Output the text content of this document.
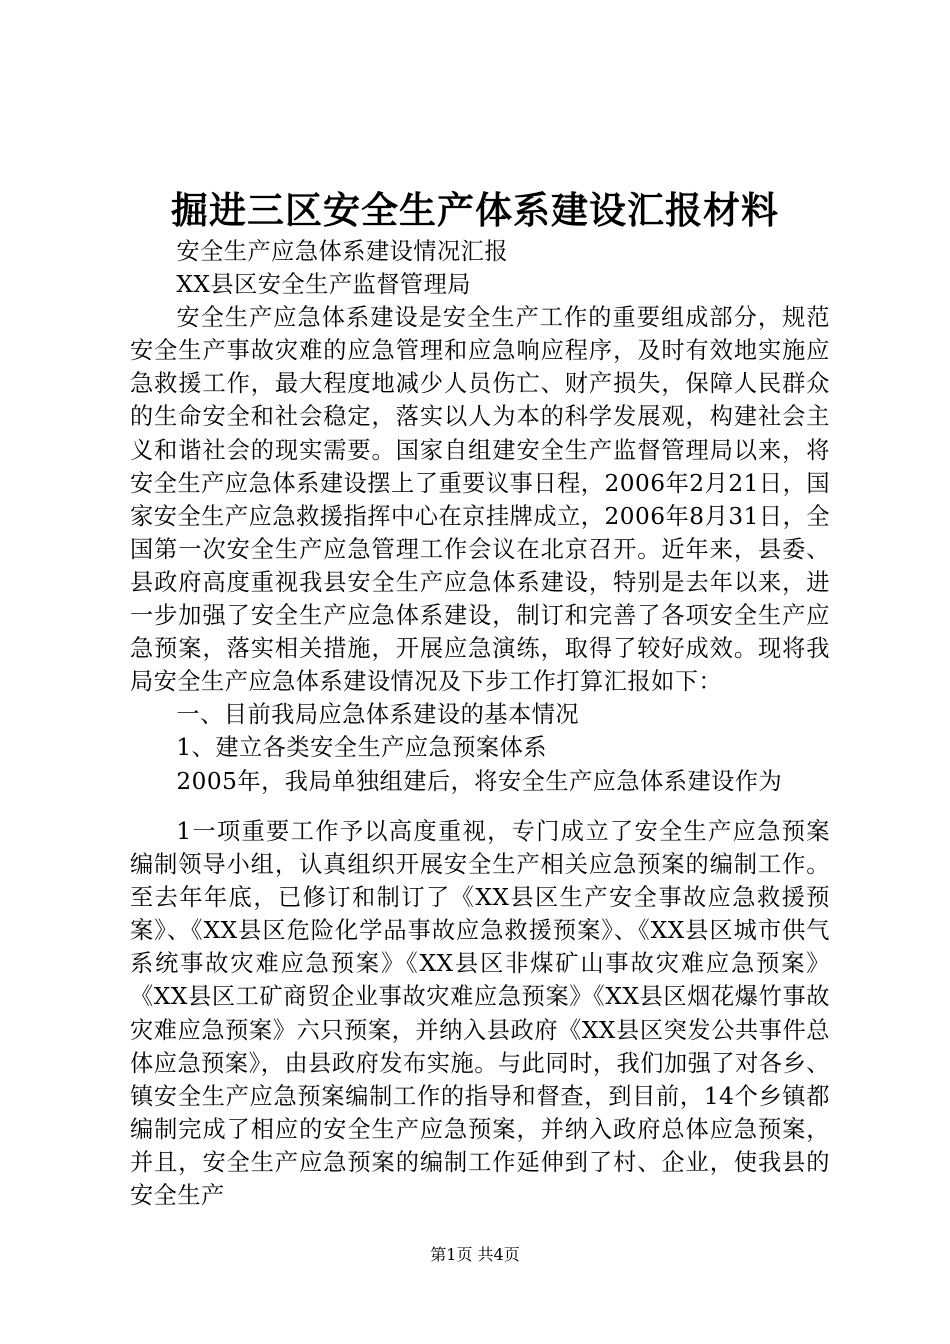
掘进三区安全生产体系建设汇报材料

安全生产应急体系建设情况汇报

XX县区安全生产监督管理局

安全生产应急体系建设是安全生产工作的重要组成部分，规范安全生产事故灾难的应急管理和应急响应程序，及时有效地实施应急救援工作，最大程度地减少人员伤亡、财产损失，保障人民群众的生命安全和社会稳定，落实以人为本的科学发展观，构建社会主义和谐社会的现实需要。国家自组建安全生产监督管理局以来，将安全生产应急体系建设摆上了重要议事日程，2006年2月21日，国家安全生产应急救援指挥中心在京挂牌成立，2006年8月31日，全国第一次安全生产应急管理工作会议在北京召开。近年来，县委、县政府高度重视我县安全生产应急体系建设，特别是去年以来，进一步加强了安全生产应急体系建设，制订和完善了各项安全生产应急预案，落实相关措施，开展应急演练，取得了较好成效。现将我局安全生产应急体系建设情况及下步工作打算汇报如下：

一、目前我局应急体系建设的基本情况

1、建立各类安全生产应急预案体系

2005年，我局单独组建后，将安全生产应急体系建设作为

1一项重要工作予以高度重视，专门成立了安全生产应急预案编制领导小组，认真组织开展安全生产相关应急预案的编制工作。至去年年底，已修订和制订了《XX县区生产安全事故应急救援预案》、《XX县区危险化学品事故应急救援预案》、《XX县区城市供气系统事故灾难应急预案》《XX县区非煤矿山事故灾难应急预案》《XX县区工矿商贸企业事故灾难应急预案》《XX县区烟花爆竹事故灾难应急预案》六只预案，并纳入县政府《XX县区突发公共事件总体应急预案》，由县政府发布实施。与此同时，我们加强了对各乡、镇安全生产应急预案编制工作的指导和督查，到目前，14个乡镇都编制完成了相应的安全生产应急预案，并纳入政府总体应急预案，并且，安全生产应急预案的编制工作延伸到了村、企业，使我县的安全生产

第1页 共4页
